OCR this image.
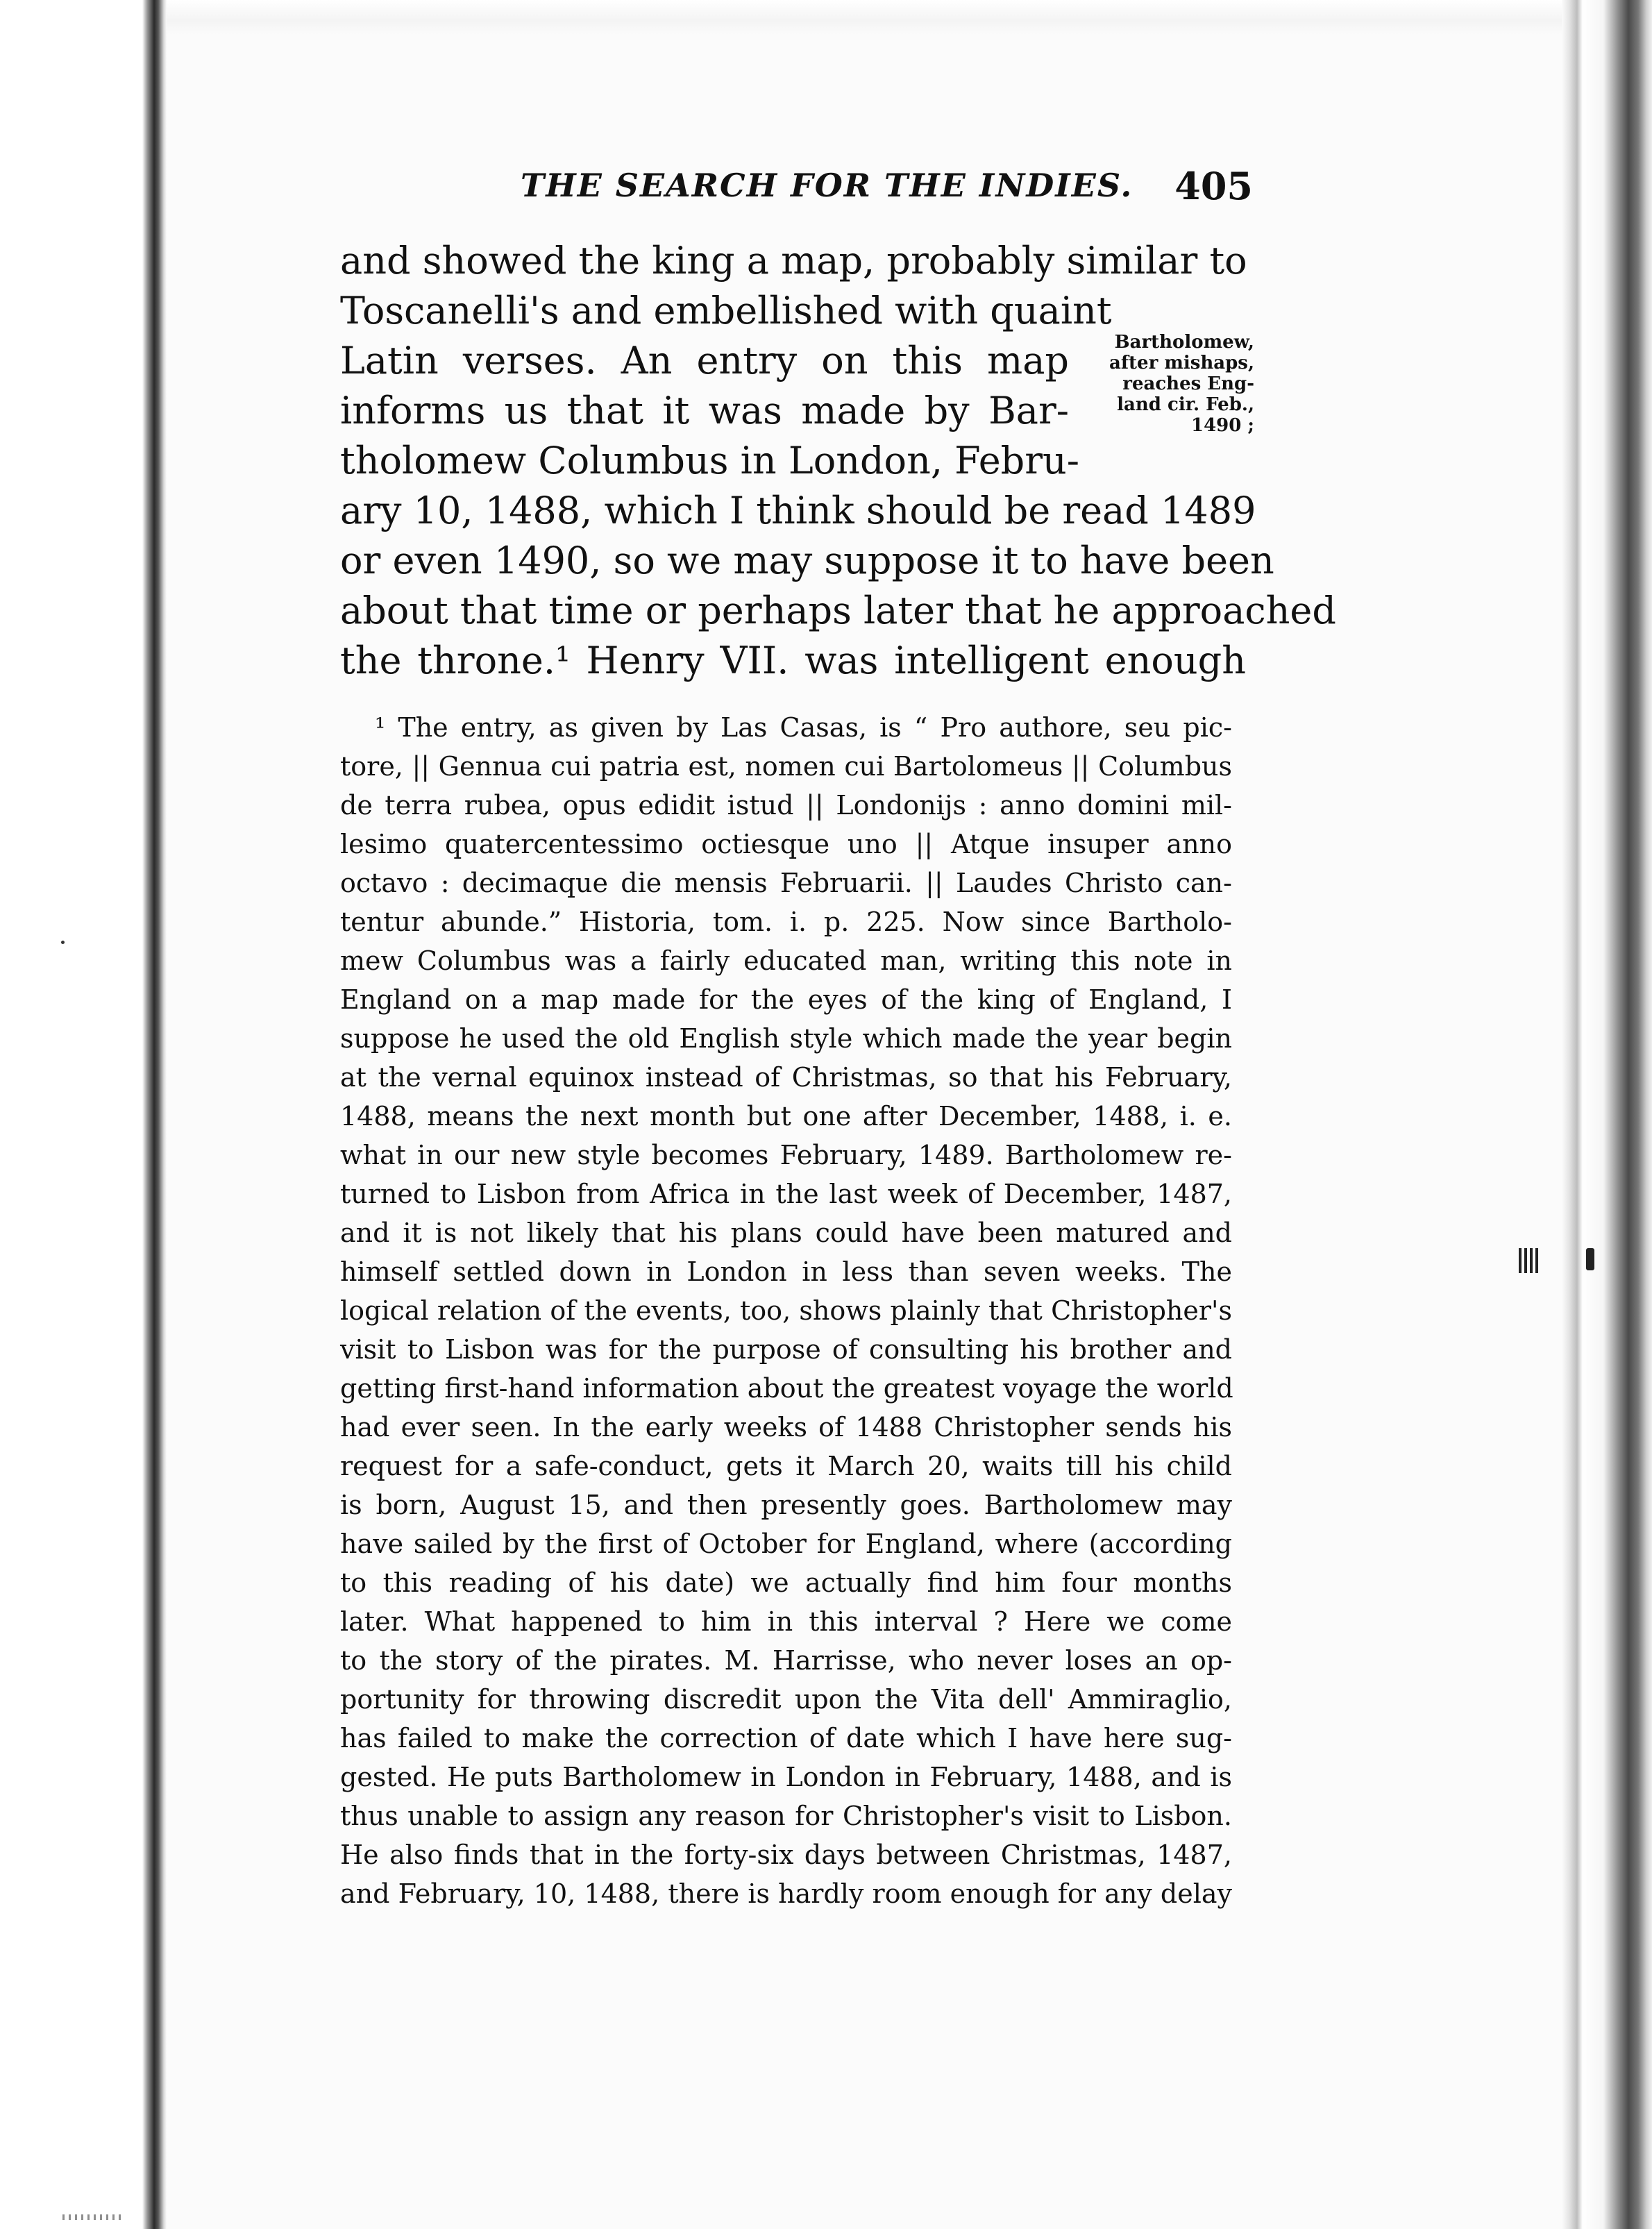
THE SEARCH FOR THE INDIES. 405
and showed the king a map, probably similar to
Toscanelli's and embellished with quaint
Latin verses. An entry on this map
informs us that it was made by Bar-
tholomew Columbus in London, Febru-
ary 10, 1488, which I think should be read 1489
or even 1490, so we may suppose it to have been
about that time or perhaps later that he approached
the throne.¹ Henry VII. was intelligent enough
Bartholomew,
after mishaps,
reaches Eng-
land cir. Feb.,
1490 ;
¹ The entry, as given by Las Casas, is “ Pro authore, seu pic-
tore, || Gennua cui patria est, nomen cui Bartolomeus || Columbus
de terra rubea, opus edidit istud || Londonijs : anno domini mil-
lesimo quatercentessimo octiesque uno || Atque insuper anno
octavo : decimaque die mensis Februarii. || Laudes Christo can-
tentur abunde.” Historia, tom. i. p. 225. Now since Bartholo-
mew Columbus was a fairly educated man, writing this note in
England on a map made for the eyes of the king of England, I
suppose he used the old English style which made the year begin
at the vernal equinox instead of Christmas, so that his February,
1488, means the next month but one after December, 1488, i. e.
what in our new style becomes February, 1489. Bartholomew re-
turned to Lisbon from Africa in the last week of December, 1487,
and it is not likely that his plans could have been matured and
himself settled down in London in less than seven weeks. The
logical relation of the events, too, shows plainly that Christopher's
visit to Lisbon was for the purpose of consulting his brother and
getting first-hand information about the greatest voyage the world
had ever seen. In the early weeks of 1488 Christopher sends his
request for a safe-conduct, gets it March 20, waits till his child
is born, August 15, and then presently goes. Bartholomew may
have sailed by the first of October for England, where (according
to this reading of his date) we actually find him four months
later. What happened to him in this interval ? Here we come
to the story of the pirates. M. Harrisse, who never loses an op-
portunity for throwing discredit upon the Vita dell' Ammiraglio,
has failed to make the correction of date which I have here sug-
gested. He puts Bartholomew in London in February, 1488, and is
thus unable to assign any reason for Christopher's visit to Lisbon.
He also finds that in the forty-six days between Christmas, 1487,
and February, 10, 1488, there is hardly room enough for any delay
